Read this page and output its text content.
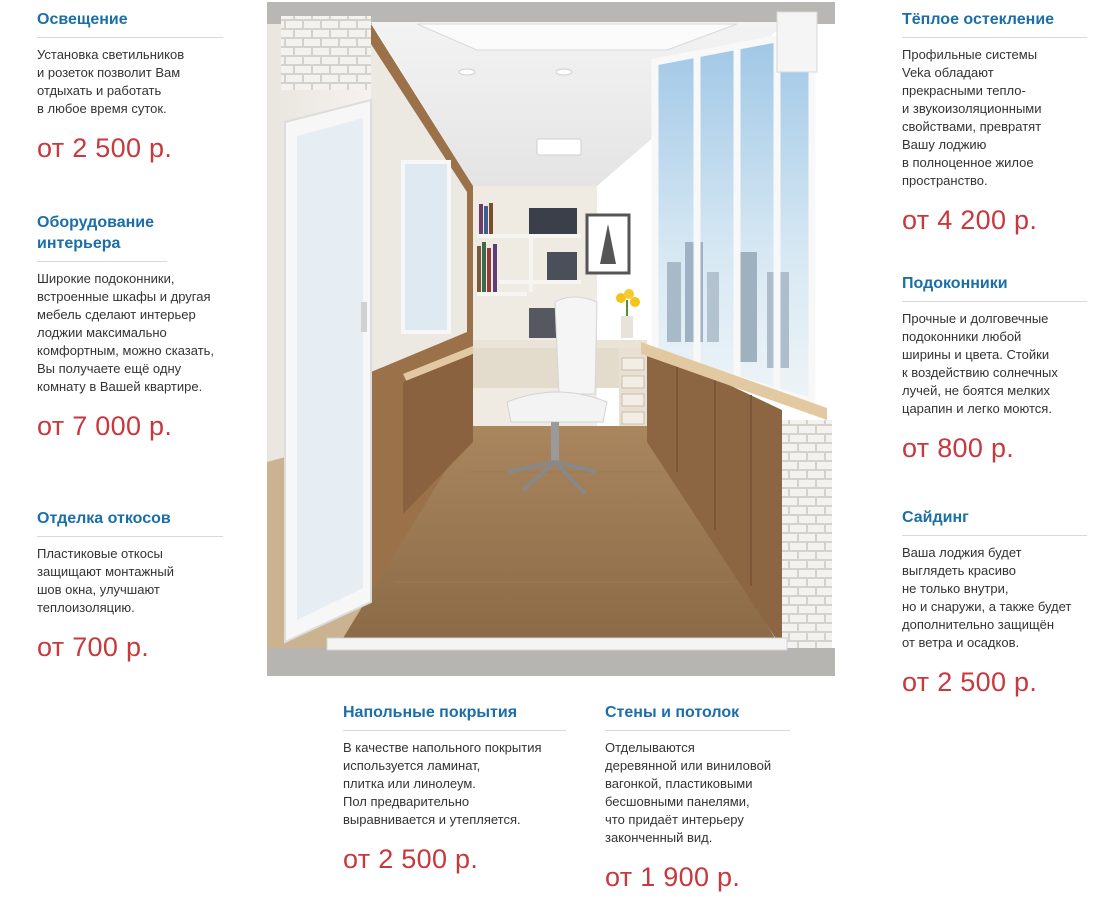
Освещение
Установка светильников
и розеток позволит Вам
отдыхать и работать
в любое время суток.
от 2 500 р.
Оборудование интерьера
Широкие подоконники,
встроенные шкафы и другая
мебель сделают интерьер
лоджии максимально
комфортным, можно сказать,
Вы получаете ещё одну
комнату в Вашей квартире.
от 7 000 р.
Отделка откосов
Пластиковые откосы
защищают монтажный
шов окна, улучшают
теплоизоляцию.
от 700 р.
Тёплое остекление
Профильные системы
Veka обладают
прекрасными тепло-
и звукоизоляционными
свойствами, превратят
Вашу лоджию
в полноценное жилое
пространство.
от 4 200 р.
Подоконники
Прочные и долговечные
подоконники любой
ширины и цвета. Стойки
к воздействию солнечных
лучей, не боятся мелких
царапин и легко моются.
от 800 р.
Сайдинг
Ваша лоджия будет
выглядеть красиво
не только внутри,
но и снаружи, а также будет
дополнительно защищён
от ветра и осадков.
от 2 500 р.
Напольные покрытия
В качестве напольного покрытия
используется ламинат,
плитка или линолеум.
Пол предварительно
выравнивается и утепляется.
от 2 500 р.
Стены и потолок
Отделываются
деревянной или виниловой
вагонкой, пластиковыми
бесшовными панелями,
что придаёт интерьеру
законченный вид.
от 1 900 р.
